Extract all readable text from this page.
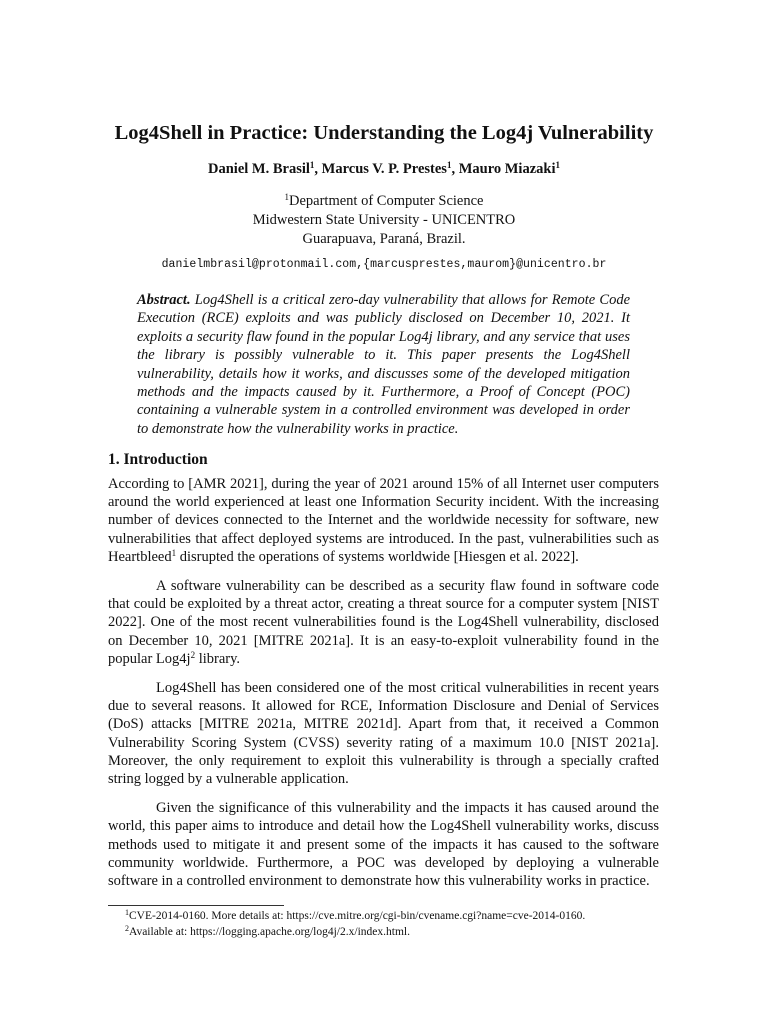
Log4Shell in Practice: Understanding the Log4j Vulnerability
Daniel M. Brasil$^1$, Marcus V. P. Prestes$^1$, Mauro Miazaki$^1$
$^1$Department of Computer Science
Midwestern State University - UNICENTRO
Guarapuava, Paraná, Brazil.
danielmbrasil@protonmail.com,{marcusprestes,maurom}@unicentro.br
Abstract. Log4Shell is a critical zero-day vulnerability that allows for Remote Code Execution (RCE) exploits and was publicly disclosed on December 10, 2021. It exploits a security flaw found in the popular Log4j library, and any service that uses the library is possibly vulnerable to it. This paper presents the Log4Shell vulnerability, details how it works, and discusses some of the developed mitigation methods and the impacts caused by it. Furthermore, a Proof of Concept (POC) containing a vulnerable system in a controlled environment was developed in order to demonstrate how the vulnerability works in practice.
1. Introduction

According to [AMR 2021], during the year of 2021 around 15% of all Internet user computers around the world experienced at least one Information Security incident. With the increasing number of devices connected to the Internet and the worldwide necessity for software, new vulnerabilities that affect deployed systems are introduced. In the past, vulnerabilities such as Heartbleed$^1$ disrupted the operations of systems worldwide [Hiesgen et al. 2022].

A software vulnerability can be described as a security flaw found in software code that could be exploited by a threat actor, creating a threat source for a computer system [NIST 2022]. One of the most recent vulnerabilities found is the Log4Shell vulnerability, disclosed on December 10, 2021 [MITRE 2021a]. It is an easy-to-exploit vulnerability found in the popular $Log4j^2$ library.

Log4Shell has been considered one of the most critical vulnerabilities in recent years due to several reasons. It allowed for RCE, Information Disclosure and Denial of Services (DoS) attacks [MITRE 2021a, MITRE 2021d]. Apart from that, it received a Common Vulnerability Scoring System (CVSS) severity rating of a maximum 10.0 [NIST 2021a]. Moreover, the only requirement to exploit this vulnerability is through a specially crafted string logged by a vulnerable application.

Given the significance of this vulnerability and the impacts it has caused around the world, this paper aims to introduce and detail how the Log4Shell vulnerability works, discuss methods used to mitigate it and present some of the impacts it has caused to the software community worldwide. Furthermore, a POC was developed by deploying a vulnerable software in a controlled environment to demonstrate how this vulnerability works in practice.

$^1$CVE-2014-0160. More details at: https://cve.mitre.org/cgi-bin/cvename.cgi?name=cve-2014-0160.
$^2$Available at: https://logging.apache.org/log4j/2.x/index.html.
